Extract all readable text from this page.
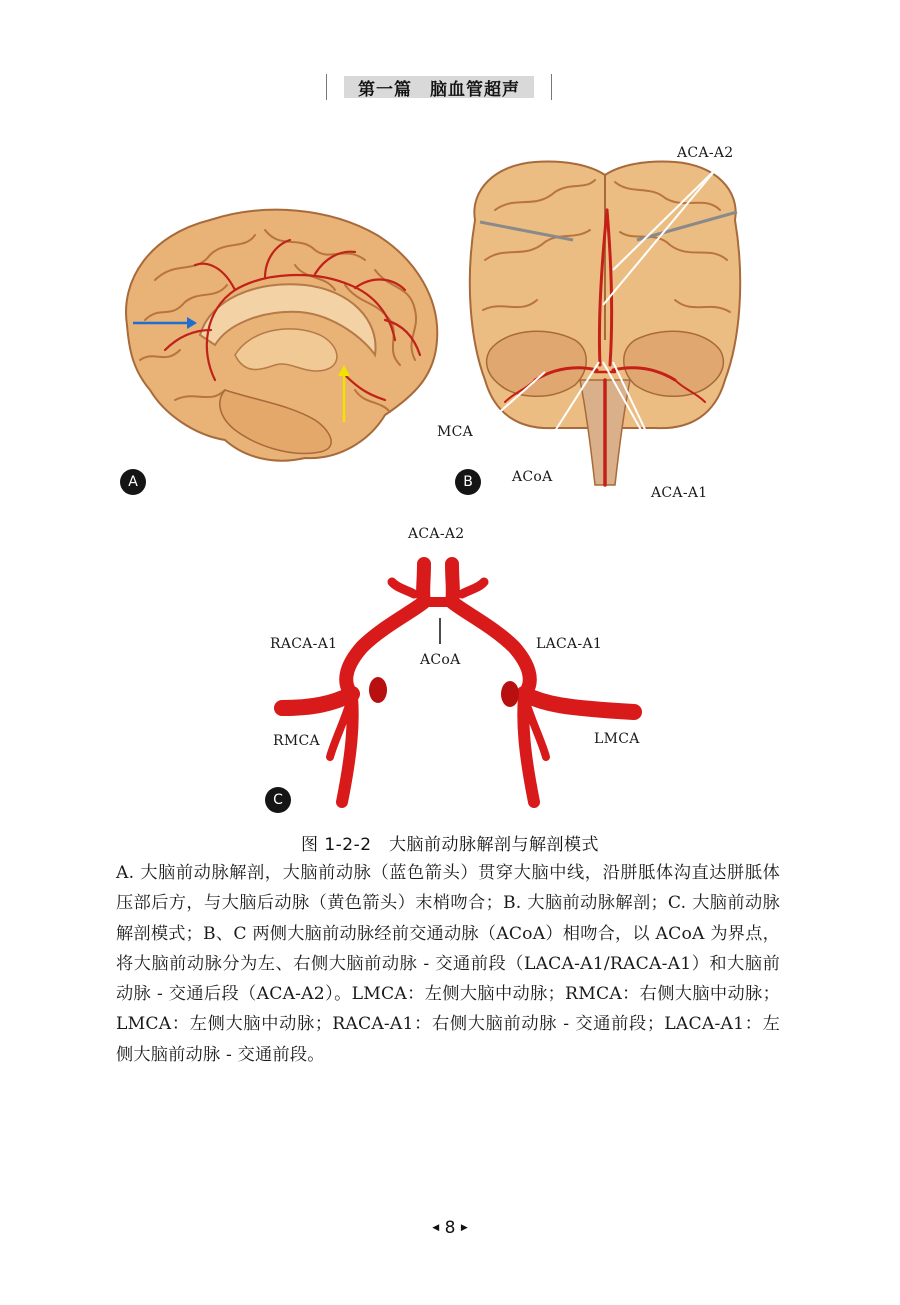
第一篇　脑血管超声
A
ACA-A2
MCA
ACoA
ACA-A1
B
ACA-A2
RACA-A1	LACA-A1
ACoA
RMCA	LMCA
C
图 1-2-2　大脑前动脉解剖与解剖模式
A. 大脑前动脉解剖，大脑前动脉（蓝色箭头）贯穿大脑中线，沿胼胝体沟直达胼胝体压部后方，与大脑后动脉（黄色箭头）末梢吻合；B. 大脑前动脉解剖；C. 大脑前动脉解剖模式；B、C 两侧大脑前动脉经前交通动脉（ACoA）相吻合，以 ACoA 为界点，将大脑前动脉分为左、右侧大脑前动脉 - 交通前段（LACA-A1/RACA-A1）和大脑前动脉 - 交通后段（ACA-A2）。LMCA：左侧大脑中动脉；RMCA：右侧大脑中动脉；LMCA：左侧大脑中动脉；RACA-A1：右侧大脑前动脉 - 交通前段；LACA-A1：左侧大脑前动脉 - 交通前段。
◀ 8 ▶
